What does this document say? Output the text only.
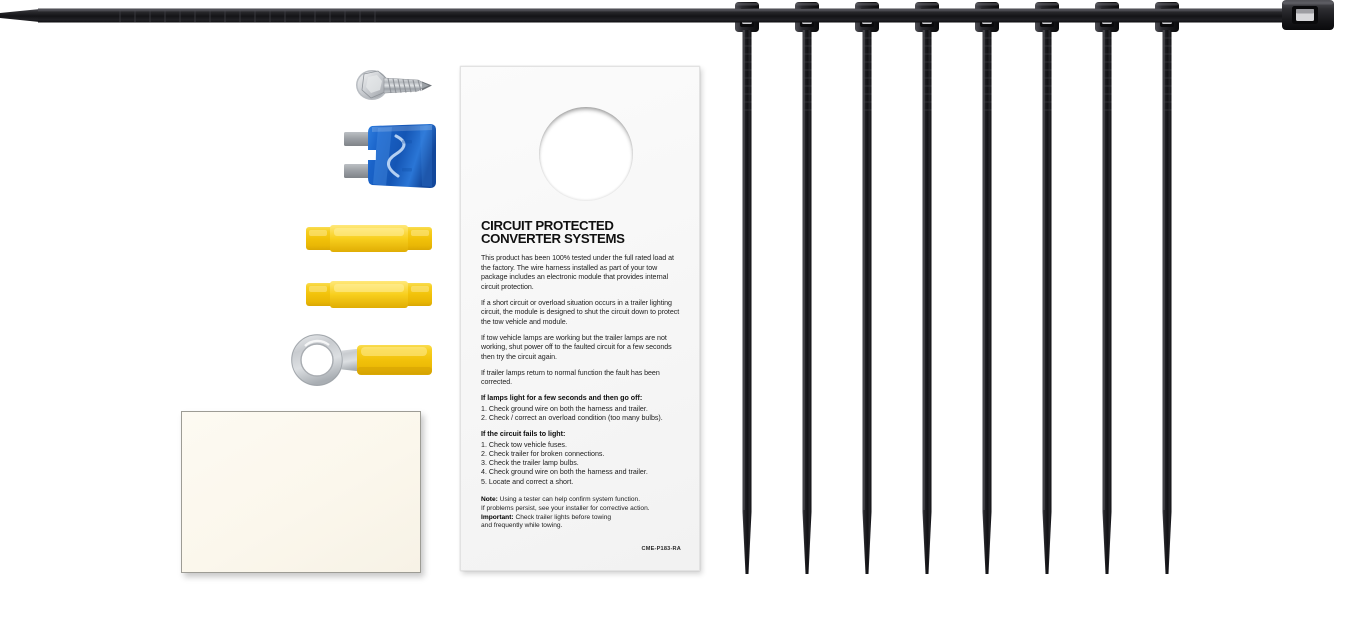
CIRCUIT PROTECTED
CONVERTER SYSTEMS

This product has been 100% tested under the full rated load at the factory. The wire harness installed as part of your tow package includes an electronic module that provides internal circuit protection.

If a short circuit or overload situation occurs in a trailer lighting circuit, the module is designed to shut the circuit down to protect the tow vehicle and module.

If tow vehicle lamps are working but the trailer lamps are not working, shut power off to the faulted circuit for a few seconds then try the circuit again.

If trailer lamps return to normal function the fault has been corrected.

If lamps light for a few seconds and then go off:

1. Check ground wire on both the harness and trailer.
2. Check / correct an overload condition (too many bulbs).

If the circuit fails to light:

1. Check tow vehicle fuses.
2. Check trailer for broken connections.
3. Check the trailer lamp bulbs.
4. Check ground wire on both the harness and trailer.
5. Locate and correct a short.

Note: Using a tester can help confirm system function.

If problems persist, see your installer for corrective action.

Important: Check trailer lights before towing

and frequently while towing.

CME-P183-RA
